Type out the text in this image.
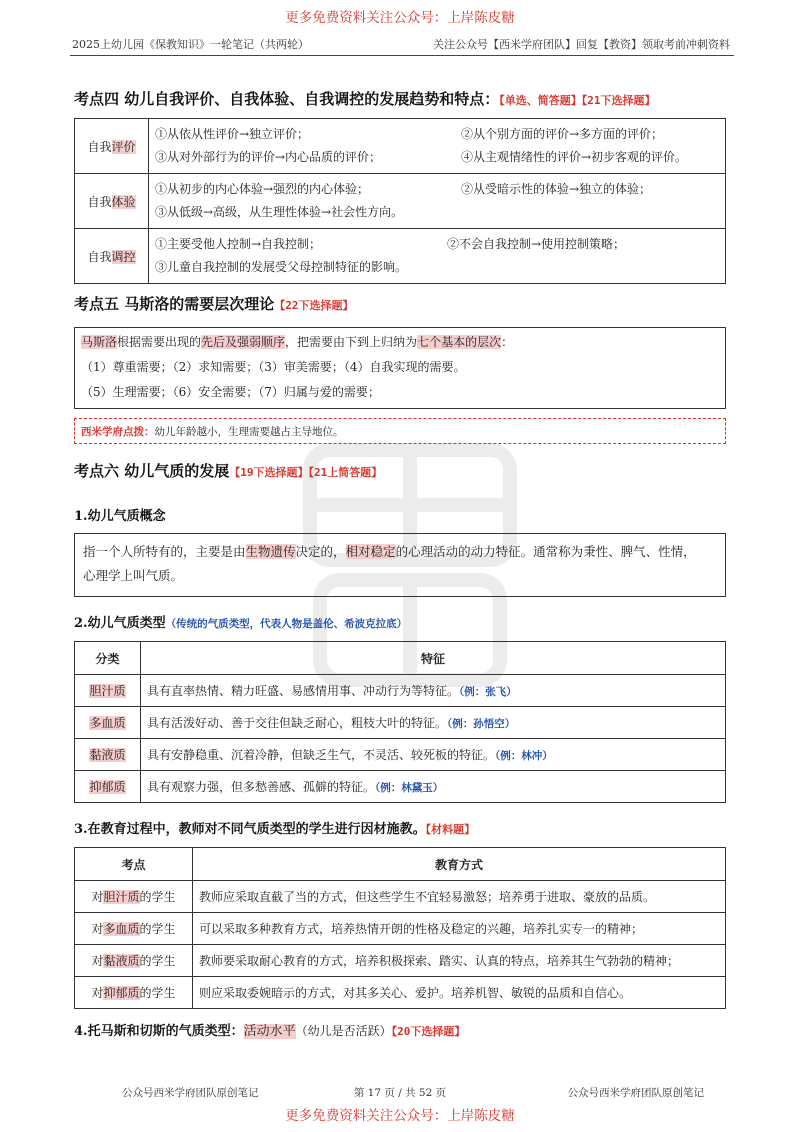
更多免费资料关注公众号：上岸陈皮糖
2025上幼儿园《保教知识》一轮笔记（共两轮）	关注公众号【西米学府团队】回复【教资】领取考前冲刺资料
考点四 幼儿自我评价、自我体验、自我调控的发展趋势和特点：【单选、简答题】【21下选择题】
自我评价	①从依从性评价→独立评价； ②从个别方面的评价→多方面的评价；
③从对外部行为的评价→内心品质的评价； ④从主观情绪性的评价→初步客观的评价。

自我体验	①从初步的内心体验→强烈的内心体验； ②从受暗示性的体验→独立的体验；
③从低级→高级，从生理性体验→社会性方向。

自我调控	①主要受他人控制→自我控制； ②不会自我控制→使用控制策略；
③儿童自我控制的发展受父母控制特征的影响。
考点五 马斯洛的需要层次理论【22下选择题】
马斯洛根据需要出现的先后及强弱顺序，把需要由下到上归纳为七个基本的层次：
（1）尊重需要；（2）求知需要；（3）审美需要；（4）自我实现的需要。
（5）生理需要；（6）安全需要；（7）归属与爱的需要；
西米学府点拨：幼儿年龄越小，生理需要越占主导地位。
考点六 幼儿气质的发展【19下选择题】【21上简答题】
1.幼儿气质概念
指一个人所特有的，主要是由生物遗传决定的，相对稳定的心理活动的动力特征。通常称为秉性、脾气、性情，
心理学上叫气质。
2.幼儿气质类型（传统的气质类型，代表人物是盖伦、希波克拉底）
分类	特征
胆汁质	具有直率热情、精力旺盛、易感情用事、冲动行为等特征。（例：张飞）
多血质	具有活泼好动、善于交往但缺乏耐心，粗枝大叶的特征。（例：孙悟空）
黏液质	具有安静稳重、沉着冷静，但缺乏生气，不灵活、较死板的特征。（例：林冲）
抑郁质	具有观察力强，但多愁善感、孤僻的特征。（例：林黛玉）
3.在教育过程中，教师对不同气质类型的学生进行因材施教。【材料题】
考点	教育方式
对胆汁质的学生	教师应采取直截了当的方式，但这些学生不宜轻易激怒；培养勇于进取、豪放的品质。
对多血质的学生	可以采取多种教育方式，培养热情开朗的性格及稳定的兴趣，培养扎实专一的精神；
对黏液质的学生	教师要采取耐心教育的方式，培养积极探索、踏实、认真的特点，培养其生气勃勃的精神；
对抑郁质的学生	则应采取委婉暗示的方式，对其多关心、爱护。培养机智、敏锐的品质和自信心。
4.托马斯和切斯的气质类型：活动水平（幼儿是否活跃）【20下选择题】
公众号西米学府团队原创笔记	第 17 页 / 共 52 页	公众号西米学府团队原创笔记
更多免费资料关注公众号：上岸陈皮糖
